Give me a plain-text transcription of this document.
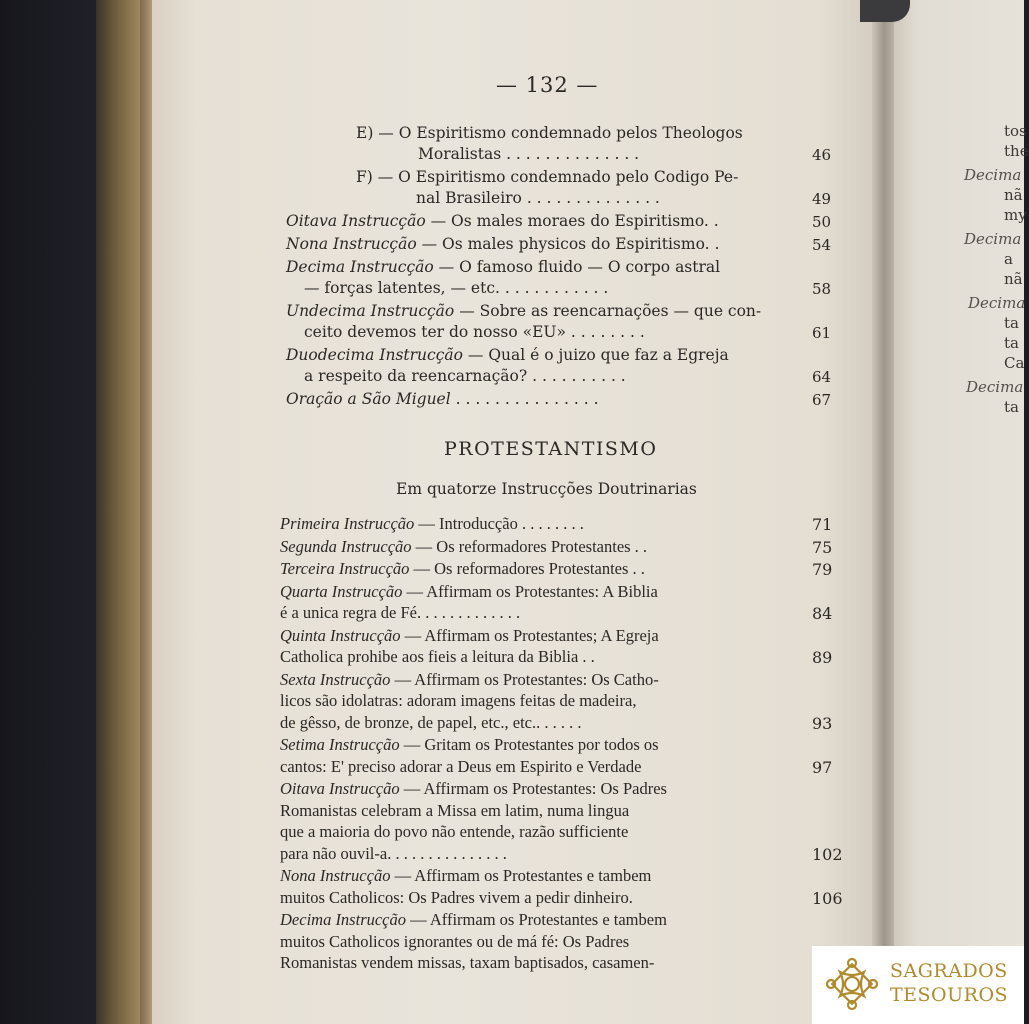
— 132 —
E) — O Espiritismo condemnado pelos Theologos
Moralistas . . . . . . . . . . . . . .	46
F) — O Espiritismo condemnado pelo Codigo Pe-
nal Brasileiro . . . . . . . . . . . . . .	49
Oitava Instrucção — Os males moraes do Espiritismo. .	50
Nona Instrucção — Os males physicos do Espiritismo. .	54
Decima Instrucção — O famoso fluido — O corpo astral
— forças latentes, — etc. . . . . . . . . . . .	58
Undecima Instrucção — Sobre as reencarnações — que con-
ceito devemos ter do nosso «EU» . . . . . . . .	61
Duodecima Instrucção — Qual é o juizo que faz a Egreja
a respeito da reencarnação? . . . . . . . . . .	64
Oração a São Miguel . . . . . . . . . . . . . . .	67
PROTESTANTISMO
Em quatorze Instrucções Doutrinarias
Primeira Instrucção — Introducção . . . . . . . .	71
Segunda Instrucção — Os reformadores Protestantes . .	75
Terceira Instrucção — Os reformadores Protestantes . .	79
Quarta Instrucção — Affirmam os Protestantes: A Biblia
é a unica regra de Fé. . . . . . . . . . . . .	84
Quinta Instrucção — Affirmam os Protestantes; A Egreja
Catholica prohibe aos fieis a leitura da Biblia . .	89
Sexta Instrucção — Affirmam os Protestantes: Os Catho-
licos são idolatras: adoram imagens feitas de madeira,
de gêsso, de bronze, de papel, etc., etc.. . . . . .	93
Setima Instrucção — Gritam os Protestantes por todos os
cantos: E' preciso adorar a Deus em Espirito e Verdade	97
Oitava Instrucção — Affirmam os Protestantes: Os Padres
Romanistas celebram a Missa em latim, numa lingua
que a maioria do povo não entende, razão sufficiente
para não ouvil-a. . . . . . . . . . . . . . .	102
Nona Instrucção — Affirmam os Protestantes e tambem
muitos Catholicos: Os Padres vivem a pedir dinheiro.	106
Decima Instrucção — Affirmam os Protestantes e tambem
muitos Catholicos ignorantes ou de má fé: Os Padres
Romanistas vendem missas, taxam baptisados, casamen-
tos
the
Decima
nã
my
Decima
a
nã
Decima
ta
ta
Ca
Decima
ta
SAGRADOS
TESOUROS
